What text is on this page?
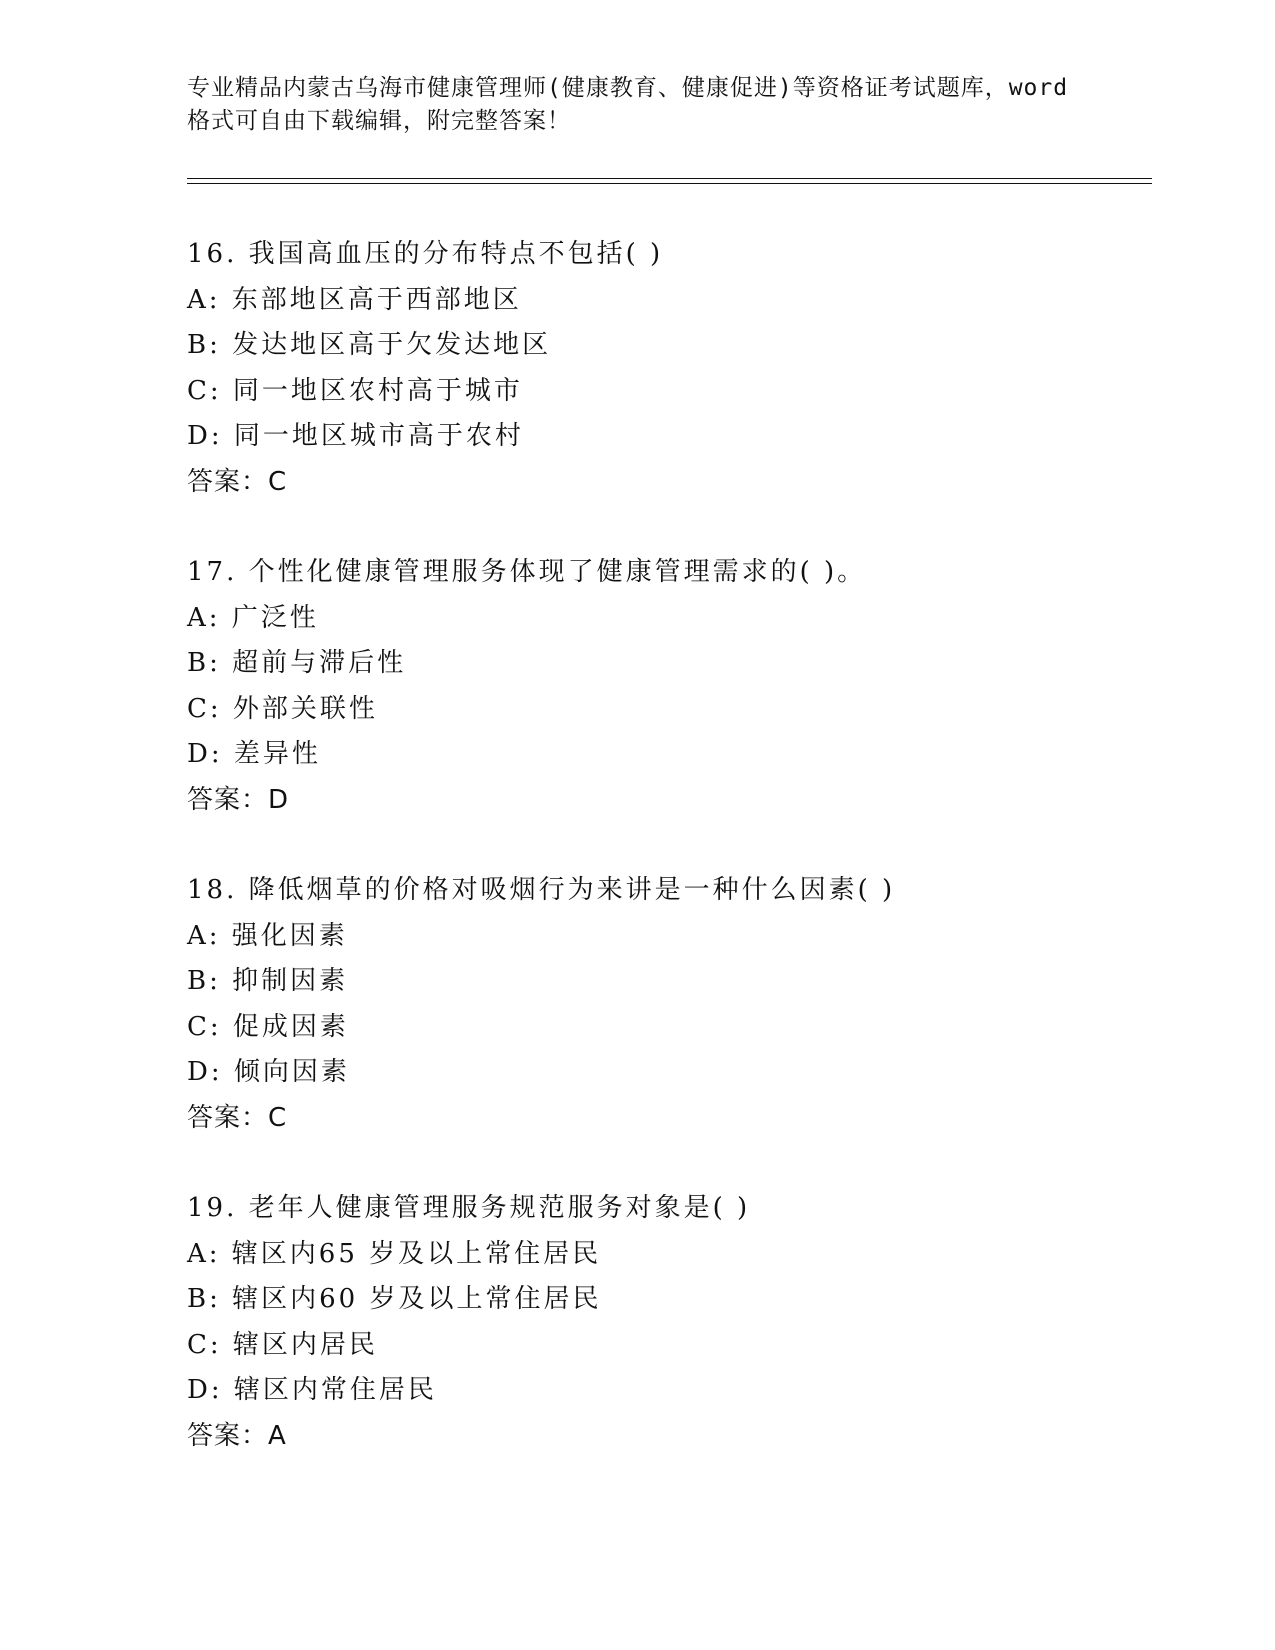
专业精品内蒙古乌海市健康管理师(健康教育、健康促进)等资格证考试题库，word
格式可自由下载编辑，附完整答案！
16. 我国高血压的分布特点不包括( )
A: 东部地区高于西部地区
B: 发达地区高于欠发达地区
C: 同一地区农村高于城市
D: 同一地区城市高于农村
答案：C
17. 个性化健康管理服务体现了健康管理需求的( )。
A: 广泛性
B: 超前与滞后性
C: 外部关联性
D: 差异性
答案：D
18. 降低烟草的价格对吸烟行为来讲是一种什么因素( )
A: 强化因素
B: 抑制因素
C: 促成因素
D: 倾向因素
答案：C
19. 老年人健康管理服务规范服务对象是( )
A: 辖区内65 岁及以上常住居民
B: 辖区内60 岁及以上常住居民
C: 辖区内居民
D: 辖区内常住居民
答案：A
